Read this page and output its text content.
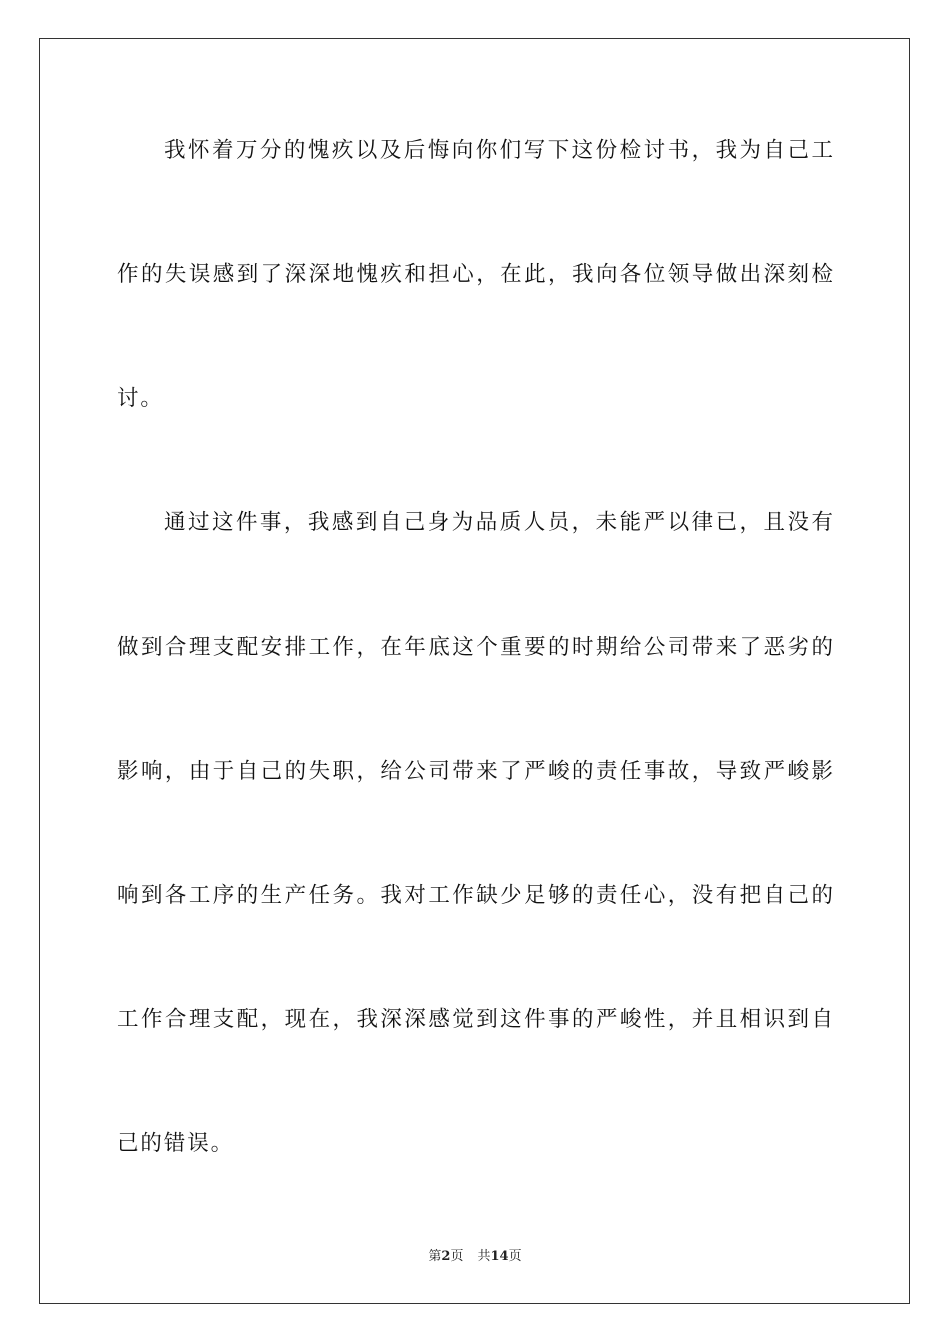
我怀着万分的愧疚以及后悔向你们写下这份检讨书，我为自己工
作的失误感到了深深地愧疚和担心，在此，我向各位领导做出深刻检
讨。
通过这件事，我感到自己身为品质人员，未能严以律已，且没有
做到合理支配安排工作，在年底这个重要的时期给公司带来了恶劣的
影响，由于自己的失职，给公司带来了严峻的责任事故，导致严峻影
响到各工序的生产任务。我对工作缺少足够的责任心，没有把自己的
工作合理支配，现在，我深深感觉到这件事的严峻性，并且相识到自
己的错误。
第2页 共14页
